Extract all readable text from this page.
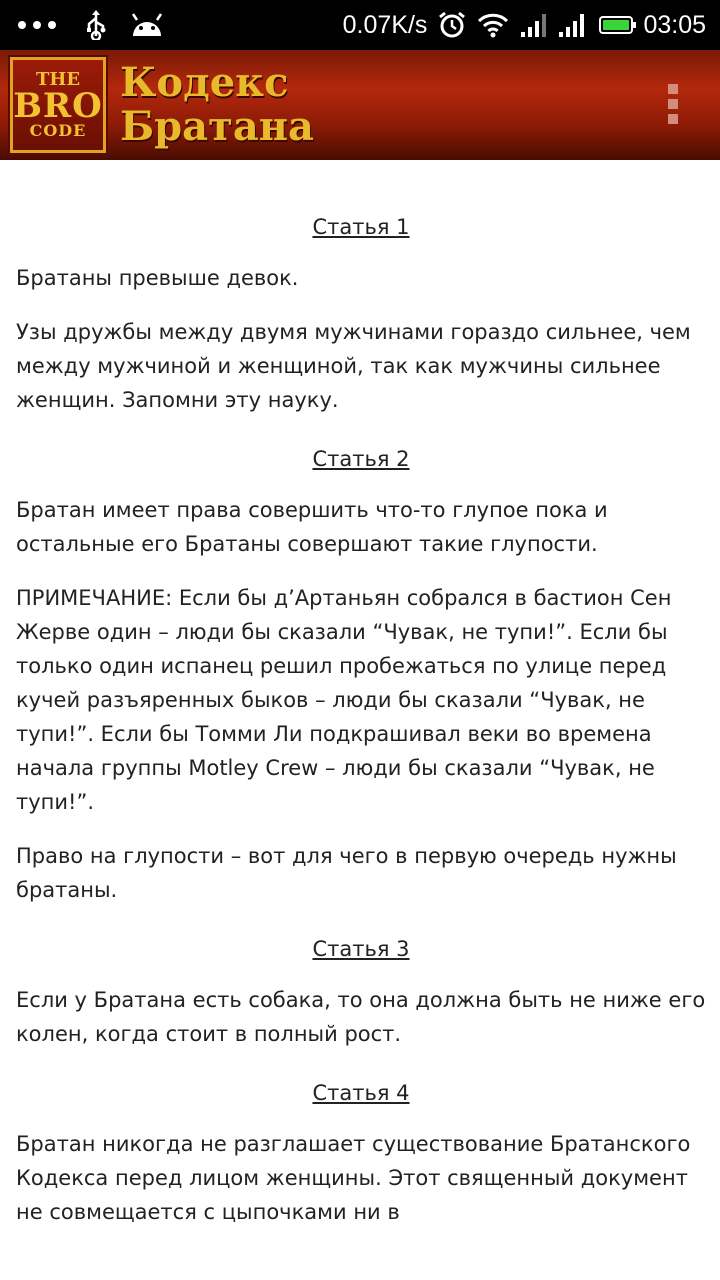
0.07K/s	03:05
THE
BRO
CODE
Кодекс
Братана
Статья 1

Братаны превыше девок.

Узы дружбы между двумя мужчинами гораздо сильнее, чем между мужчиной и женщиной, так как мужчины сильнее женщин. Запомни эту науку.

Статья 2

Братан имеет права совершить что-то глупое пока и остальные его Братаны совершают такие глупости.

ПРИМЕЧАНИЕ: Если бы д’Артаньян собрался в бастион Сен Жерве один – люди бы сказали “Чувак, не тупи!”. Если бы только один испанец решил пробежаться по улице перед кучей разъяренных быков – люди бы сказали “Чувак, не тупи!”. Если бы Томми Ли подкрашивал веки во времена начала группы Motley Crew – люди бы сказали “Чувак, не тупи!”.

Право на глупости – вот для чего в первую очередь нужны братаны.

Статья 3

Если у Братана есть собака, то она должна быть не ниже его колен, когда стоит в полный рост.

Статья 4

Братан никогда не разглашает существование Братанского Кодекса перед лицом женщины. Этот священный документ не совмещается с цыпочками ни в
